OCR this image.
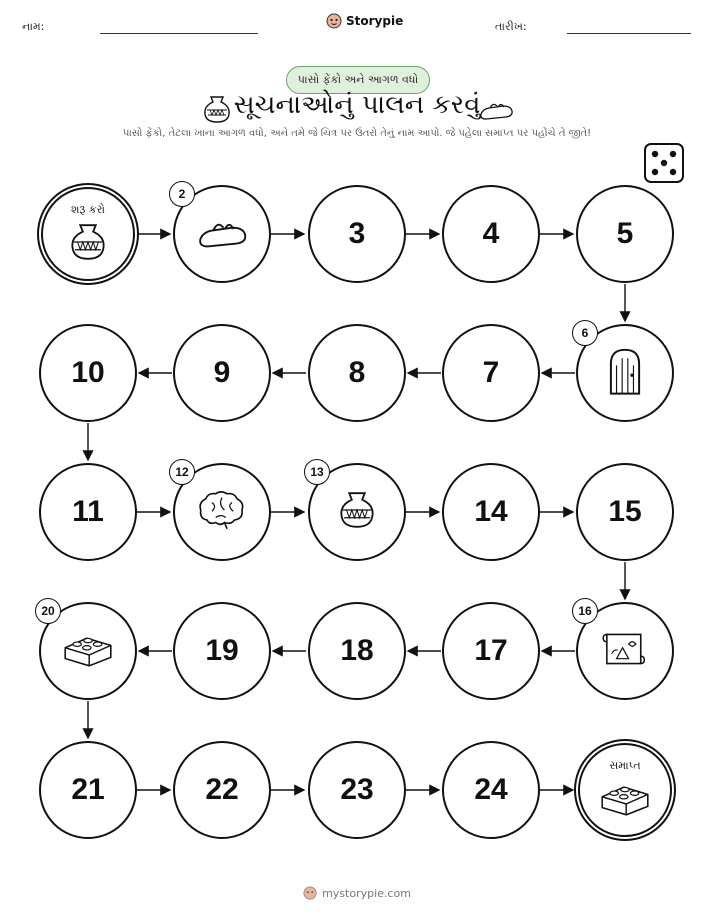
નામ:	Storypie	તારીખ:
પાસો ફેંકો અને આગળ વધો
સૂચનાઓનું પાલન કરવું
પાસો ફેંકો, તેટલા ખાના આગળ વધો, અને તમે જે ચિત્ર પર ઉતરો તેનું નામ આપો. જે પહેલા સમાપ્ત પર પહોંચે તે જીતે!
શરૂ કરો
2
3	4	5
6
7
8
9
10
11
12	13
14	15
16
17
18
19
20
21	22	23	24
સમાપ્ત
mystorypie.com
